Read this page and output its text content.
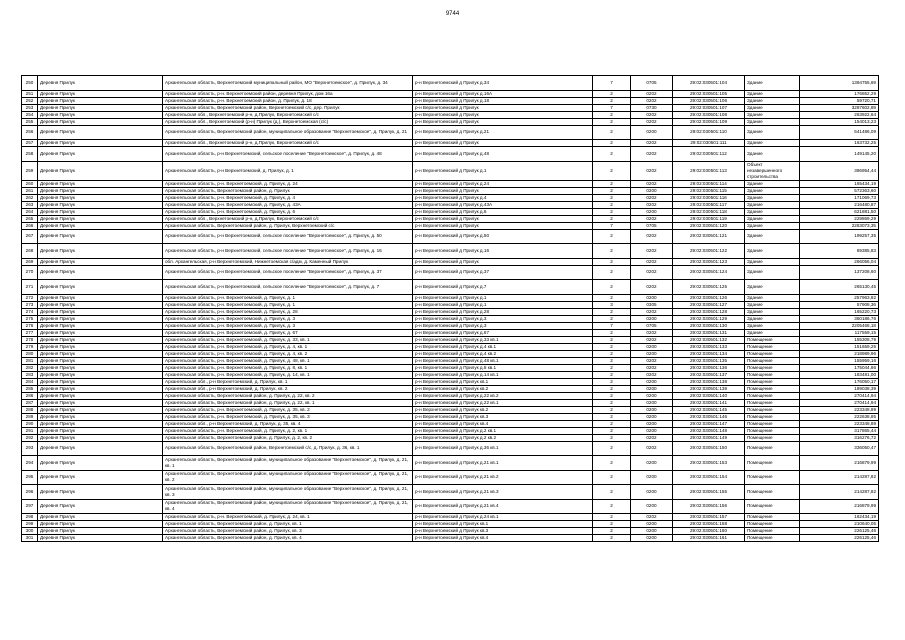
9744
250	Деревня Прилук	Архангельская область, Верхнетоемский муниципальный район, МО "Верхнетоемское", д. Прилук, д. 34	р-н Верхнетоемский д Прилук д.34	7	0705	29:02:030501:104	Здание	1394755,69
251	Деревня Прилук	Архангельская область, р-н. Верхнетоемский район, деревня Прилук, дом 16а	р-н Верхнетоемский д Прилук д.16А	2	0202	29:02:030501:105	Здание	176862,29
252	Деревня Прилук	Архангельская область, р-н. Верхнетоемский район, д. Прилук, д. 18	р-н Верхнетоемский д Прилук д.18	2	0202	29:02:030501:106	Здание	59720,71
253	Деревня Прилук	Архангельская область, Верхнетоемский район, Верхнетоемский с/с, дер. Прилук	р-н Верхнетоемский д Прилук	7	0730	29:02:030501:107	Здание	3287602,89
254	Деревня Прилук	Архангельская обл., Верхнетоемский р-н, д.Прилук, Верхнетоемский с/с	р-н Верхнетоемский д Прилук	2	0202	29:02:030501:108	Здание	263922,64
255	Деревня Прилук	Архангельская обл., Верхнетоемский (р-н) Прилук (д.), Верхнетоемская (с/с)	р-н Верхнетоемский д Прилук	2	0202	29:02:030501:109	Здание	154013,23
256	Деревня Прилук	Архангельская область, Верхнетоемский район, муниципальное образование "Верхнетоемское", д. Прилук, д. 21	р-н Верхнетоемский д Прилук д.21	2	0200	29:02:030501:110	Здание	541486,09
257	Деревня Прилук	Архангельская обл., Верхнетоемский р-н, д.Прилук, Верхнетоемский с/с	р-н Верхнетоемский д Прилук	2	0202	29:02:030501:111	Здание	163732,25
258	Деревня Прилук	Архангельская область, р-н Верхнетоемский, сельское поселение "Верхнетоемское", д. Прилук, д. 48	р-н Верхнетоемский д Прилук д.48	2	0202	29:02:030501:112	Здание	149145,20
259	Деревня Прилук	Архангельская область, р-н Верхнетоемский, д. Прилук, д. 1	р-н Верхнетоемский д Прилук д.1	2	0202	29:02:030501:113	Объект незавершенного строительства	386954,44
260	Деревня Прилук	Архангельская область, р-н. Верхнетоемский, д. Прилук, д. 24	р-н Верхнетоемский д Прилук д.24	2	0202	29:02:030501:114	Здание	165434,19
261	Деревня Прилук	Архангельская область, Верхнетоемский район, д. Прилук	р-н Верхнетоемский д Прилук	2	0200	29:02:030501:115	Здание	572363,60
262	Деревня Прилук	Архангельская область, р-н. Верхнетоемский, д. Прилук, д. 4	р-н Верхнетоемский д Прилук д.4	2	0202	29:02:030501:116	Здание	171069,73
263	Деревня Прилук	Архангельская область, р-н. Верхнетоемский, д. Прилук, д. 43А	р-н Верхнетоемский д Прилук д.43А	2	0202	29:02:030501:117	Здание	216480,87
264	Деревня Прилук	Архангельская область, р-н. Верхнетоемский, д. Прилук, д. 6	р-н Верхнетоемский д Прилук д.6	2	0200	29:02:030501:118	Здание	621881,50
265	Деревня Прилук	Архангельская обл., Верхнетоемский р-н, д.Прилук, Верхнетоемский с/с	р-н Верхнетоемский д Прилук	2	0202	29:02:030501:119	Здание	229869,29
266	Деревня Прилук	Архангельская область, Верхнетоемский район, д. Прилук, Верхнетоемский с/с	р-н Верхнетоемский д Прилук	7	0705	29:02:030501:120	Здание	2283073,35
267	Деревня Прилук	Архангельская область, р-н Верхнетоемский, сельское поселение "Верхнетоемское", д. Прилук, д. 50	р-н Верхнетоемский д Прилук д.50	2	0202	29:02:030501:121	Здание	199257,35
268	Деревня Прилук	Архангельская область, р-н Верхнетоемский, сельское поселение "Верхнетоемское", д. Прилук, д. 16	р-н Верхнетоемский д Прилук д.16	2	0202	29:02:030501:122	Здание	89385,83
269	Деревня Прилук	обл. Архангельская, р-н Верхнетоемский, Нижнетоемская с/адм, д. Каменный Прилук	р-н Верхнетоемский д Прилук	2	0202	29:02:030501:123	Здание	266056,04
270	Деревня Прилук	Архангельская область, р-н Верхнетоемский, сельское поселение "Верхнетоемское", д. Прилук, д. 37	р-н Верхнетоемский д Прилук д.37	2	0202	29:02:030501:124	Здание	137208,60
271	Деревня Прилук	Архангельская область, р-н Верхнетоемский, сельское поселение "Верхнетоемское", д. Прилук, д. 7	р-н Верхнетоемский д Прилук д.7	2	0202	29:02:030501:125	Здание	265130,45
272	Деревня Прилук	Архангельская область, р-н. Верхнетоемский, д. Прилук, д. 1	р-н Верхнетоемский д Прилук д.1	2	0200	29:02:030501:126	Здание	257963,82
273	Деревня Прилук	Архангельская область, р-н. Верхнетоемский, д. Прилук, д. 1	р-н Верхнетоемский д Прилук д.1	3	0305	29:02:030501:127	Здание	57908,36
274	Деревня Прилук	Архангельская область, р-н. Верхнетоемский, д. Прилук, д. 28	р-н Верхнетоемский д Прилук д.28	2	0202	29:02:030501:128	Здание	165220,73
275	Деревня Прилук	Архангельская область, р-н. Верхнетоемский, д. Прилук, д. 3	р-н Верхнетоемский д Прилук д.3	2	0200	29:02:030501:129	Здание	360186,76
276	Деревня Прилук	Архангельская область, р-н. Верхнетоемский, д. Прилук, д. 3	р-н Верхнетоемский д Прилук д.3	7	0705	29:02:030501:130	Здание	2205468,18
277	Деревня Прилук	Архангельская область, р-н. Верхнетоемский, д. Прилук, д. 67	р-н Верхнетоемский д Прилук д.67	2	0202	29:02:030501:131	Здание	117559,15
278	Деревня Прилук	Архангельская область, р-н. Верхнетоемский, д. Прилук, д. 33, кв. 1	р-н Верхнетоемский д Прилук д.33 кв.1	2	0202	29:02:030501:132	Помещение	155308,79
279	Деревня Прилук	Архангельская область, р-н. Верхнетоемский, д. Прилук, д. 4, кв. 1	р-н Верхнетоемский д Прилук д.4 кв.1	2	0200	29:02:030501:133	Помещение	151659,25
280	Деревня Прилук	Архангельская область, р-н. Верхнетоемский, д. Прилук, д. 4, кв. 2	р-н Верхнетоемский д Прилук д.4 кв.2	2	0200	29:02:030501:134	Помещение	218989,96
281	Деревня Прилук	Архангельская область, р-н. Верхнетоемский, д. Прилук, д. 48, кв. 1	р-н Верхнетоемский д Прилук д.48 кв.1	2	0202	29:02:030501:135	Помещение	155959,16
282	Деревня Прилук	Архангельская область, р-н. Верхнетоемский, д. Прилук, д. 8, кв. 1	р-н Верхнетоемский д Прилук д.8 кв.1	2	0202	29:02:030501:136	Помещение	175044,86
283	Деревня Прилук	Архангельская область, р-н. Верхнетоемский, д. Прилук, д. 14, кв. 1	р-н Верхнетоемский д Прилук д.14 кв.1	2	0202	29:02:030501:137	Помещение	183481,00
284	Деревня Прилук	Архангельская обл., р-н Верхнетоемский, д. Прилук, кв. 1	р-н Верхнетоемский д Прилук кв.1	2	0200	29:02:030501:138	Помещение	176050,17
285	Деревня Прилук	Архангельская обл., р-н Верхнетоемский, д. Прилук, кв. 2	р-н Верхнетоемский д Прилук кв.2	2	0200	29:02:030501:139	Помещение	189038,39
286	Деревня Прилук	Архангельская область, Верхнетоемский район, д. Прилук, д. 22, кв. 2	р-н Верхнетоемский д Прилук д.22 кв.2	2	0200	29:02:030501:140	Помещение	270414,94
287	Деревня Прилук	Архангельская область, Верхнетоемский район, д. Прилук, д. 22, кв. 1	р-н Верхнетоемский д Прилук д.22 кв.1	2	0200	29:02:030501:141	Помещение	270414,94
288	Деревня Прилук	Архангельская область, р-н. Верхнетоемский, д. Прилук, д. 35, кв. 2	р-н Верхнетоемский д Прилук кв.2	2	0200	29:02:030501:145	Помещение	223348,89
289	Деревня Прилук	Архангельская область, р-н. Верхнетоемский, д. Прилук, д. 35, кв. 3	р-н Верхнетоемский д Прилук кв.3	2	0200	29:02:030501:146	Помещение	222638,85
290	Деревня Прилук	Архангельская обл., р-н Верхнетоемский, д. Прилук, д. 35, кв. 4	р-н Верхнетоемский д Прилук кв.4	2	0200	29:02:030501:147	Помещение	223348,89
291	Деревня Прилук	Архангельская область, р-н. Верхнетоемский, д. Прилук, д. 2, кв. 1	р-н Верхнетоемский д Прилук д.2 кв.1	2	0200	29:02:030501:148	Помещение	317865,44
292	Деревня Прилук	Архангельская область, Верхнетоемский район, д. Прилук, д. 2, кв. 2	р-н Верхнетоемский д Прилук д.2 кв.2	2	0202	29:02:030501:149	Помещение	316276,72
293	Деревня Прилук	Архангельская область, Верхнетоемский район, Верхнетоемский с/с, д. Прилук, д. 36, кв. 1	р-н Верхнетоемский д Прилук д.36 кв.1	2	0202	29:02:030501:150	Помещение	336050,47
294	Деревня Прилук	Архангельская область, Верхнетоемский район, муниципальное образование "Верхнетоемское", д. Прилук, д. 21, кв. 1	р-н Верхнетоемский д Прилук д.21 кв.1	2	0200	29:02:030501:153	Помещение	216879,99
295	Деревня Прилук	Архангельская область, Верхнетоемский район, муниципальное образование "Верхнетоемское", д. Прилук, д. 21, кв. 2	р-н Верхнетоемский д Прилук д.21 кв.2	2	0200	29:02:030501:154	Помещение	214287,82
296	Деревня Прилук	Архангельская область, Верхнетоемский район, муниципальное образование "Верхнетоемское", д. Прилук, д. 21, кв. 3	р-н Верхнетоемский д Прилук д.21 кв.3	2	0200	29:02:030501:155	Помещение	214287,82
297	Деревня Прилук	Архангельская область, Верхнетоемский район, муниципальное образование "Верхнетоемское", д. Прилук, д. 21, кв. 4	р-н Верхнетоемский д Прилук д.21 кв.4	2	0200	29:02:030501:156	Помещение	216879,99
298	Деревня Прилук	Архангельская область, р-н. Верхнетоемский, д. Прилук, д. 24, кв. 1	р-н Верхнетоемский д Прилук д.24 кв.1	2	0202	29:02:030501:157	Помещение	162434,19
299	Деревня Прилук	Архангельская область, Верхнетоемский район, д. Прилук, кв. 1	р-н Верхнетоемский д Прилук кв.1	2	0200	29:02:030501:158	Помещение	210640,05
300	Деревня Прилук	Архангельская область, Верхнетоемский район, д. Прилук, кв. 3	р-н Верхнетоемский д Прилук кв.3	2	0200	29:02:030501:160	Помещение	226125,46
301	Деревня Прилук	Архангельская область, Верхнетоемский район, д. Прилук, кв. 4	р-н Верхнетоемский д Прилук кв.4	2	0200	29:02:030501:161	Помещение	226125,46
